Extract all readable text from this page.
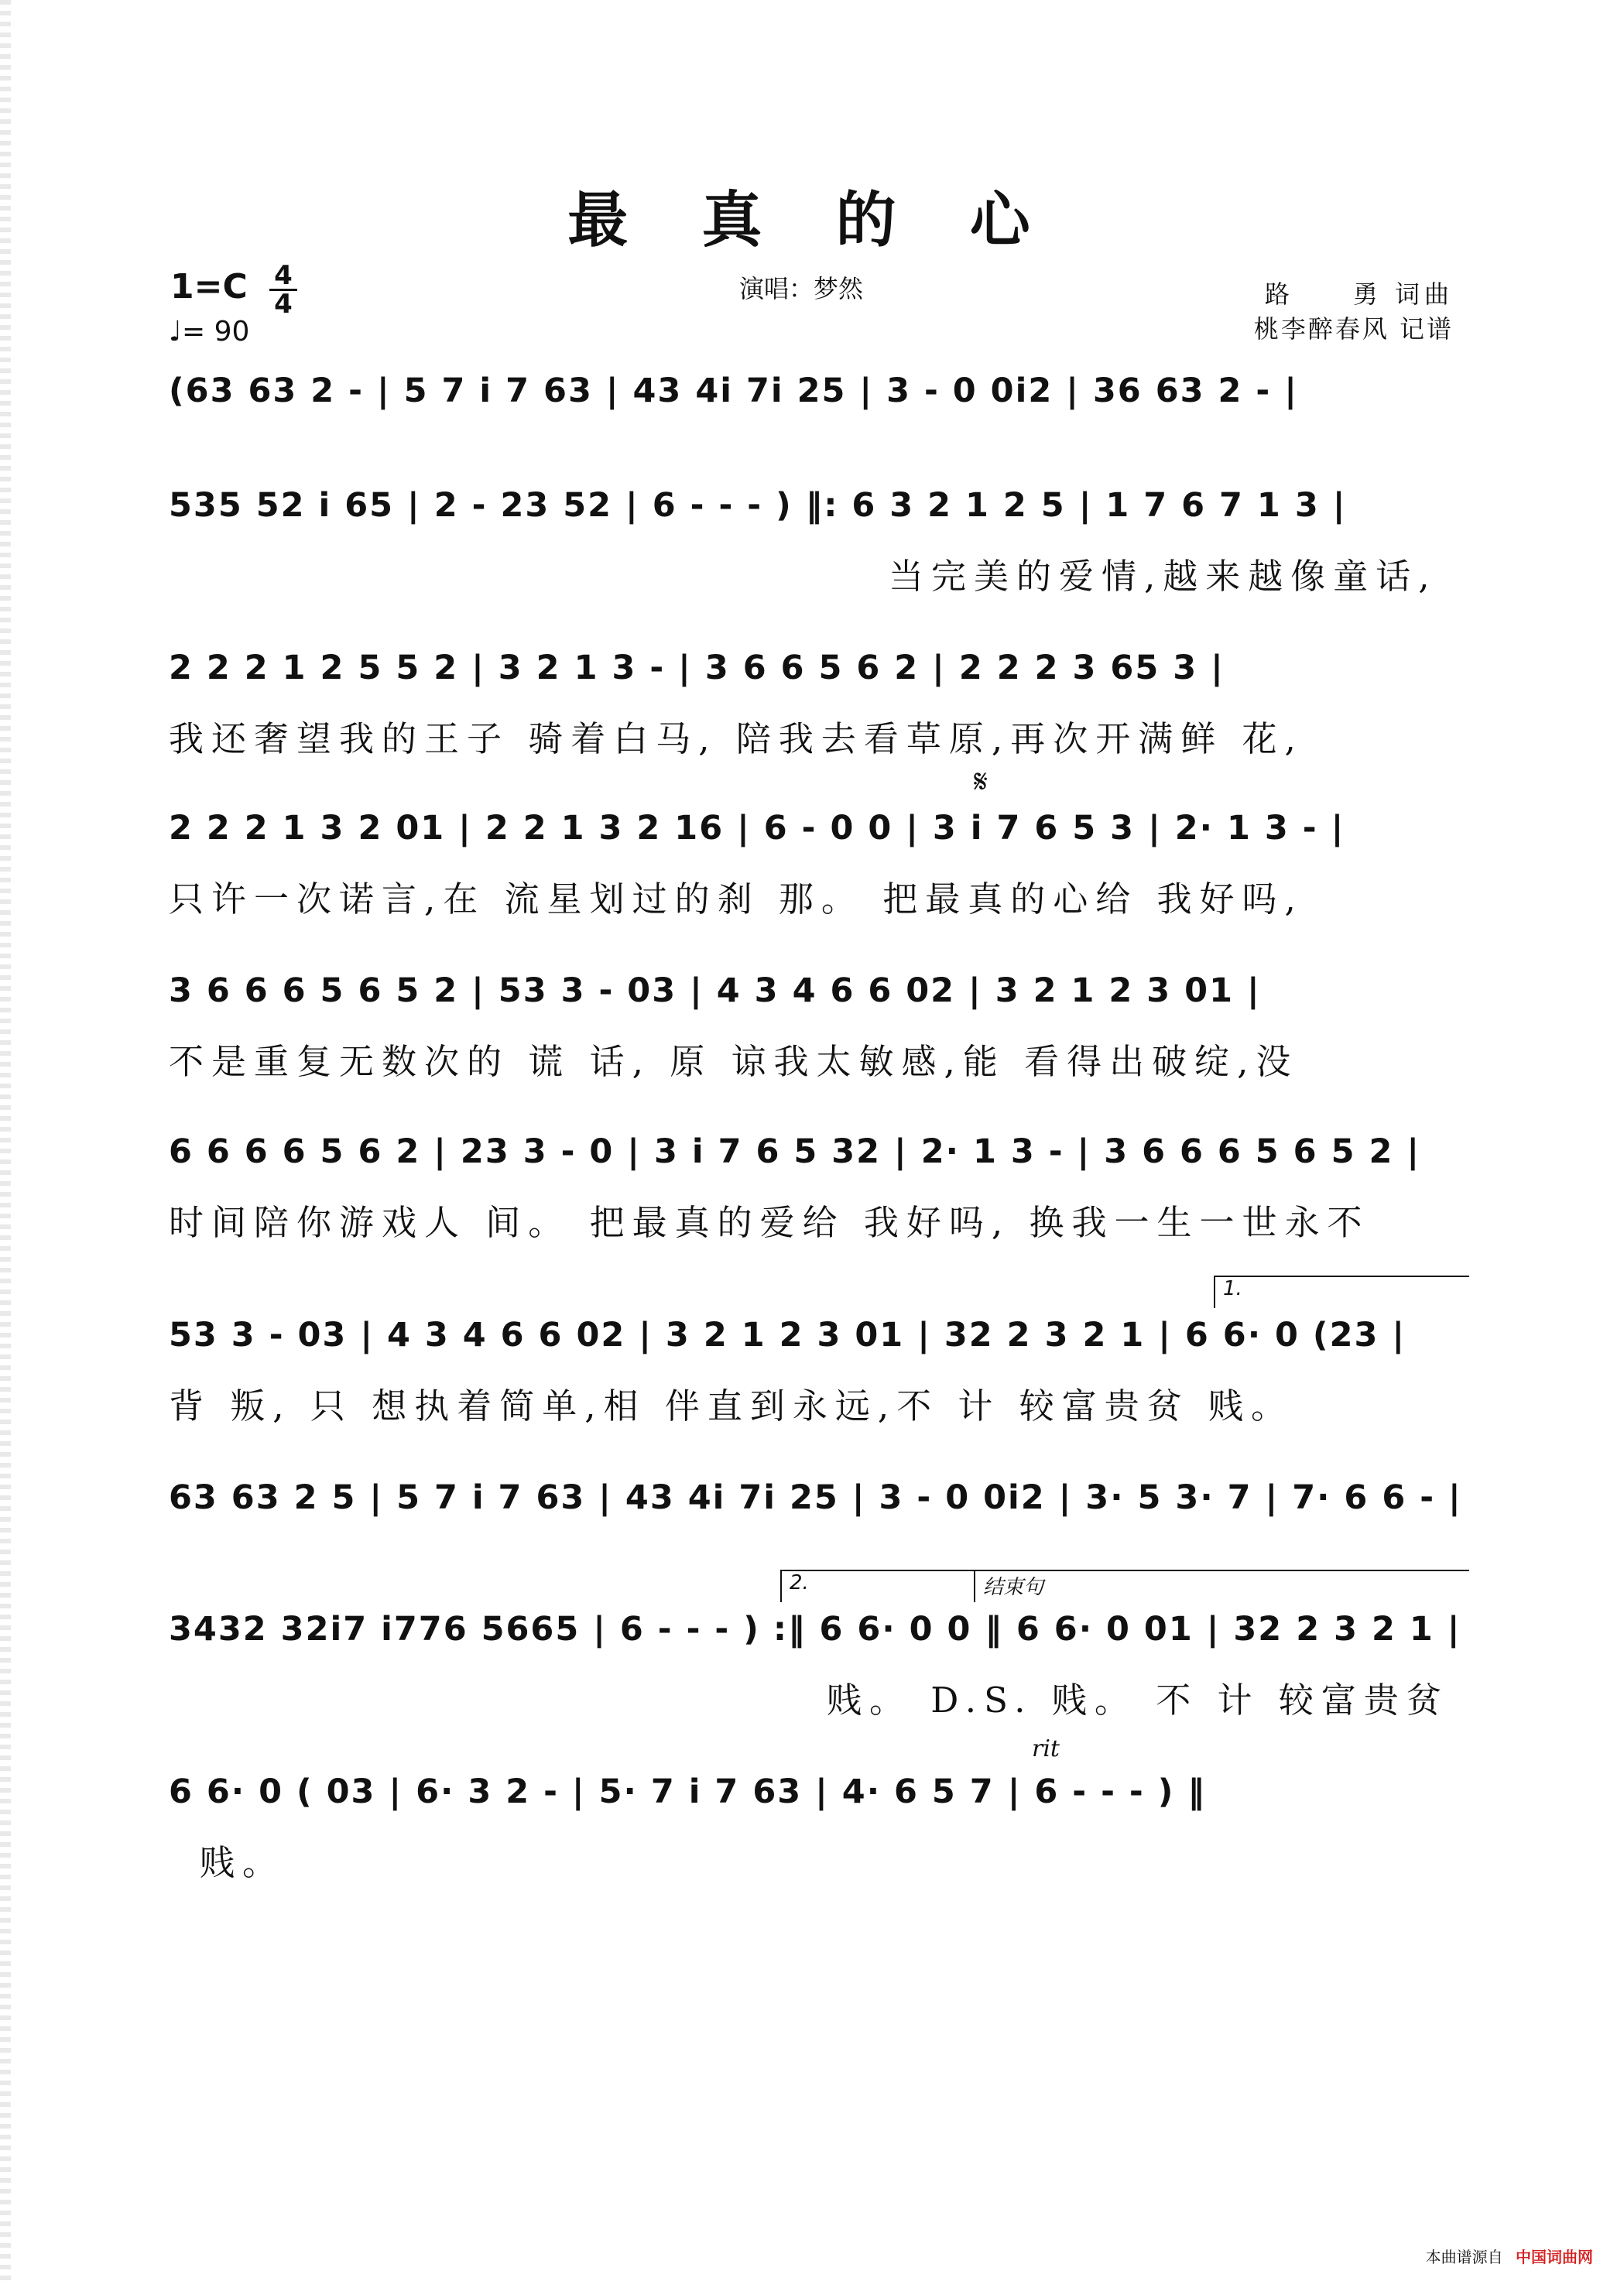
最 真 的 心
1=C 4
4
♩= 90
演唱：梦然	路　　勇 词曲
桃李醉春风 记谱
(63 63 2 - | 5 7 i 7 63 | 43 4i 7i 25 | 3 - 0 0i2 | 36 63 2 - |
535 52 i 65 | 2 - 23 52 | 6 - - - ) ‖: 6 3 2 1 2 5 | 1 7 6 7 1 3 |
当完美的爱情,越来越像童话,
2 2 2 1 2 5 5 2 | 3 2 1 3 - | 3 6 6 5 6 2 | 2 2 2 3 65 3 |
我还奢望我的王子 骑着白马, 陪我去看草原,再次开满鲜 花,
𝄋
2 2 2 1 3 2 01 | 2 2 1 3 2 16 | 6 - 0 0 | 3 i 7 6 5 3 | 2· 1 3 - |
只许一次诺言,在 流星划过的刹 那。 把最真的心给 我好吗,
3 6 6 6 5 6 5 2 | 53 3 - 03 | 4 3 4 6 6 02 | 3 2 1 2 3 01 |
不是重复无数次的 谎 话, 原 谅我太敏感,能 看得出破绽,没
6 6 6 6 5 6 2 | 23 3 - 0 | 3 i 7 6 5 32 | 2· 1 3 - | 3 6 6 6 5 6 5 2 |
时间陪你游戏人 间。 把最真的爱给 我好吗, 换我一生一世永不
1.
53 3 - 03 | 4 3 4 6 6 02 | 3 2 1 2 3 01 | 32 2 3 2 1 | 6 6· 0 (23 |
背 叛, 只 想执着简单,相 伴直到永远,不 计 较富贵贫 贱。
63 63 2 5 | 5 7 i 7 63 | 43 4i 7i 25 | 3 - 0 0i2 | 3· 5 3· 7 | 7· 6 6 - |
2.	结束句
3432 32i7 i776 5665 | 6 - - - ) :‖ 6 6· 0 0 ‖ 6 6· 0 01 | 32 2 3 2 1 |
贱。 D.S. 贱。 不 计 较富贵贫
rit
6 6· 0 ( 03 | 6· 3 2 - | 5· 7 i 7 63 | 4· 6 5 7 | 6 - - - ) ‖
贱。
本曲谱源自 中国词曲网
